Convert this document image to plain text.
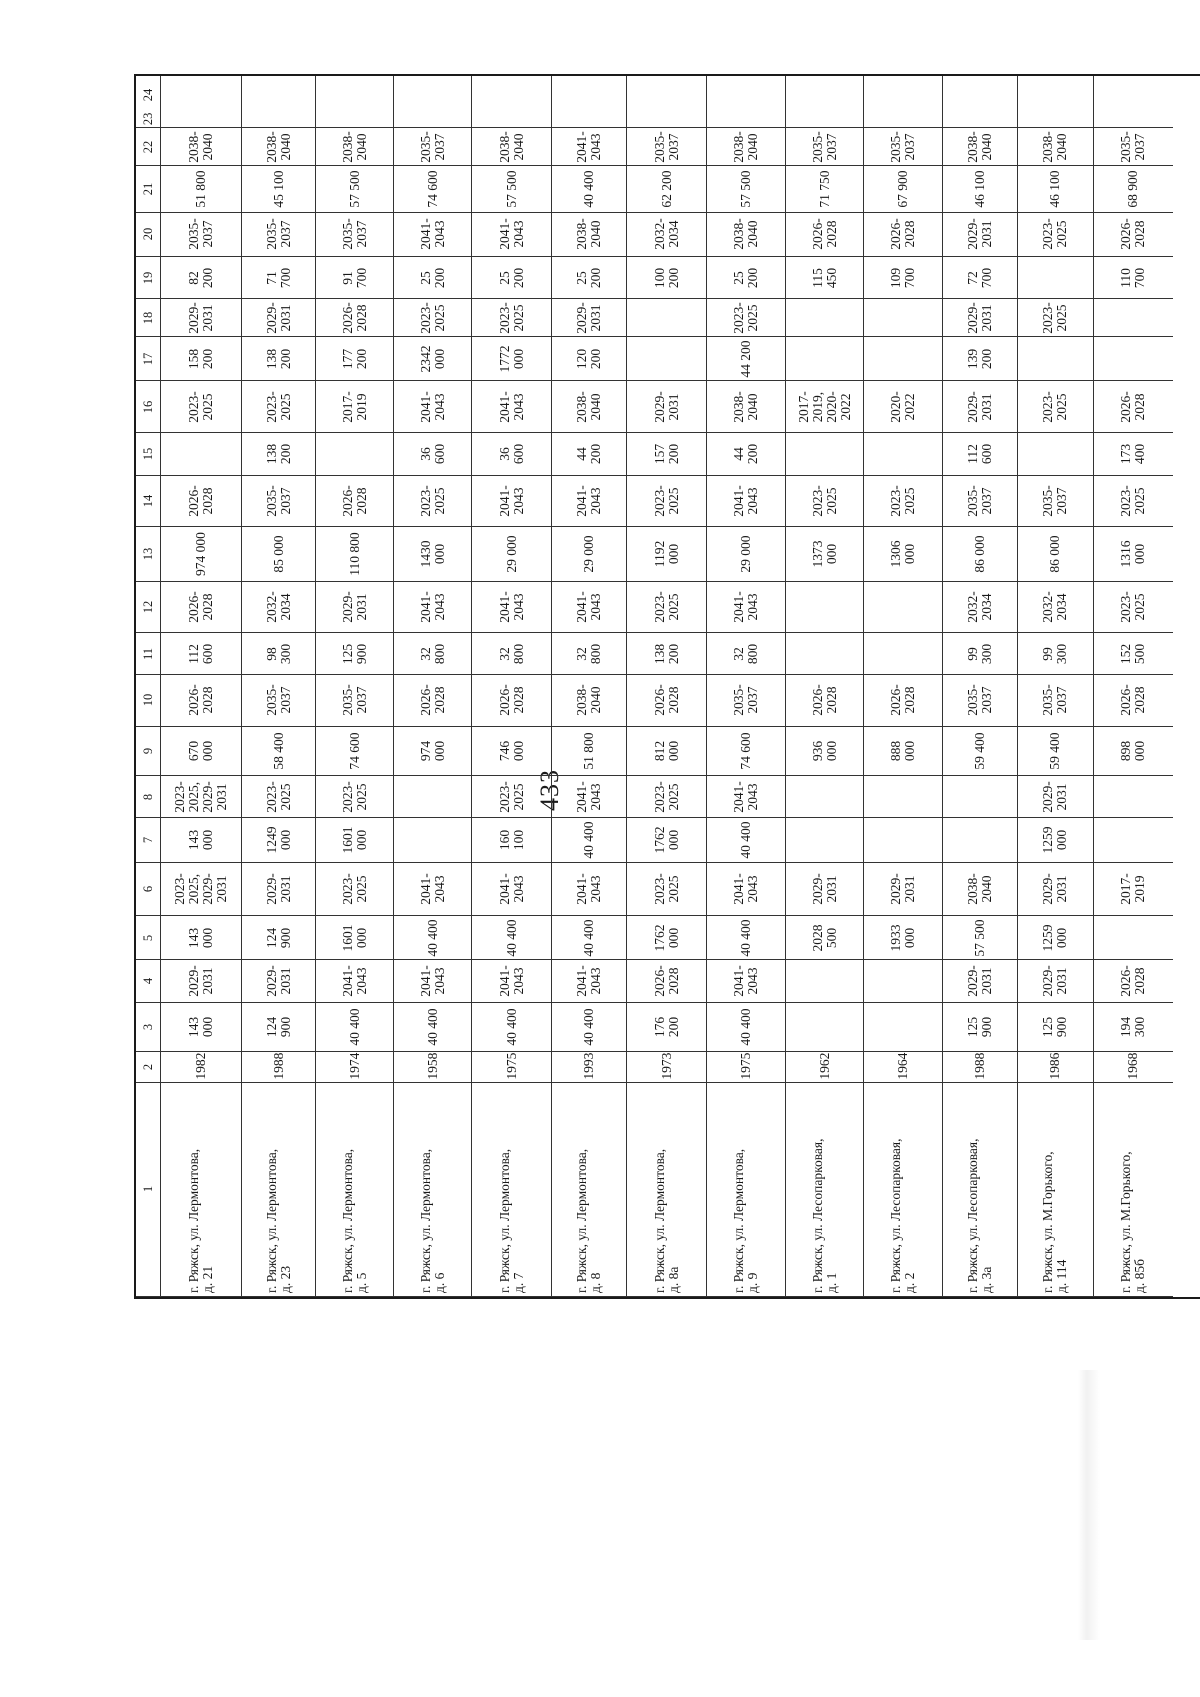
433
1
2
3
4
5
6
7
8
9
10
11
12
13
14
15
16
17
18
19
20
21
22
23
24
г. Ряжск, ул. Лермонтова,
д. 21
1982
143 000
2029-
2031
143 000
2023-
2025,
2029-
2031
143 000
2023-
2025,
2029-
2031
670 000
2026-
2028
112 600
2026-
2028
974 000
2026-
2028
2023-
2025
158 200
2029-
2031
82 200
2035-
2037
51 800
2038-
2040
г. Ряжск, ул. Лермонтова,
д. 23
1988
124 900
2029-
2031
124 900
2029-
2031
1249
000
2023-
2025
58 400
2035-
2037
98 300
2032-
2034
85 000
2035-
2037
138 200
2023-
2025
138 200
2029-
2031
71 700
2035-
2037
45 100
2038-
2040
г. Ряжск, ул. Лермонтова,
д. 5
1974
40 400
2041-
2043
1601
000
2023-
2025
1601
000
2023-
2025
74 600
2035-
2037
125 900
2029-
2031
110 800
2026-
2028
2017-
2019
177 200
2026-
2028
91 700
2035-
2037
57 500
2038-
2040
г. Ряжск, ул. Лермонтова,
д. 6
1958
40 400
2041-
2043
40 400
2041-
2043
974 000
2026-
2028
32 800
2041-
2043
1430 000
2023-
2025
36 600
2041-
2043
2342
000
2023-
2025
25 200
2041-
2043
74 600
2035-
2037
г. Ряжск, ул. Лермонтова,
д. 7
1975
40 400
2041-
2043
40 400
2041-
2043
160 100
2023-
2025
746 000
2026-
2028
32 800
2041-
2043
29 000
2041-
2043
36 600
2041-
2043
1772
000
2023-
2025
25 200
2041-
2043
57 500
2038-
2040
г. Ряжск, ул. Лермонтова,
д. 8
1993
40 400
2041-
2043
40 400
2041-
2043
40 400
2041-
2043
51 800
2038-
2040
32 800
2041-
2043
29 000
2041-
2043
44 200
2038-
2040
120 200
2029-
2031
25 200
2038-
2040
40 400
2041-
2043
г. Ряжск, ул. Лермонтова,
д. 8а
1973
176 200
2026-
2028
1762
000
2023-
2025
1762
000
2023-
2025
812 000
2026-
2028
138 200
2023-
2025
1192 000
2023-
2025
157 200
2029-
2031
100 200
2032-
2034
62 200
2035-
2037
г. Ряжск, ул. Лермонтова,
д. 9
1975
40 400
2041-
2043
40 400
2041-
2043
40 400
2041-
2043
74 600
2035-
2037
32 800
2041-
2043
29 000
2041-
2043
44 200
2038-
2040
44 200
2023-
2025
25 200
2038-
2040
57 500
2038-
2040
г. Ряжск, ул. Лесопарковая,
д. 1
1962
2028
500
2029-
2031
936 000
2026-
2028
1373 000
2023-
2025
2017-
2019,
2020-
2022
115 450
2026-
2028
71 750
2035-
2037
г. Ряжск, ул. Лесопарковая,
д. 2
1964
1933
000
2029-
2031
888 000
2026-
2028
1306 000
2023-
2025
2020-
2022
109 700
2026-
2028
67 900
2035-
2037
г. Ряжск, ул. Лесопарковая,
д. 3а
1988
125 900
2029-
2031
57 500
2038-
2040
59 400
2035-
2037
99 300
2032-
2034
86 000
2035-
2037
112 600
2029-
2031
139 200
2029-
2031
72 700
2029-
2031
46 100
2038-
2040
г. Ряжск, ул. М.Горького,
д. 114
1986
125 900
2029-
2031
1259
000
2029-
2031
1259
000
2029-
2031
59 400
2035-
2037
99 300
2032-
2034
86 000
2035-
2037
2023-
2025
2023-
2025
2023-
2025
46 100
2038-
2040
г. Ряжск, ул. М.Горького,
д. 85б
1968
194 300
2026-
2028
2017-
2019
898 000
2026-
2028
152 500
2023-
2025
1316 000
2023-
2025
173 400
2026-
2028
110 700
2026-
2028
68 900
2035-
2037
